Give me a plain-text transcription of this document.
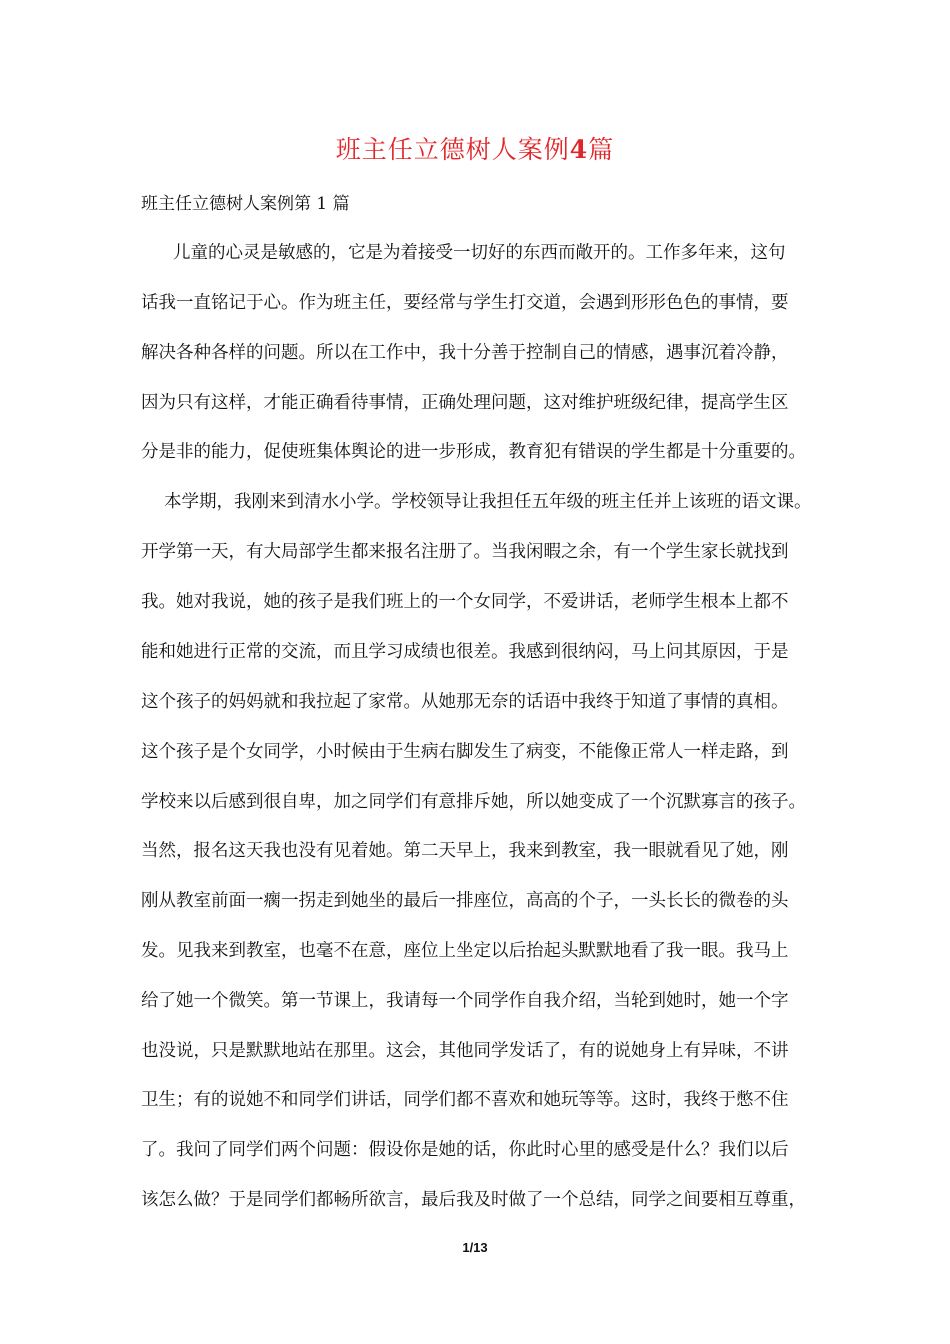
班主任立德树人案例4篇
班主任立德树人案例第 1 篇
儿童的心灵是敏感的，它是为着接受一切好的东西而敞开的。工作多年来，这句
话我一直铭记于心。作为班主任，要经常与学生打交道，会遇到形形色色的事情，要
解决各种各样的问题。所以在工作中，我十分善于控制自己的情感，遇事沉着冷静，
因为只有这样，才能正确看待事情，正确处理问题，这对维护班级纪律，提高学生区
分是非的能力，促使班集体舆论的进一步形成，教育犯有错误的学生都是十分重要的。
本学期，我刚来到清水小学。学校领导让我担任五年级的班主任并上该班的语文课。
开学第一天，有大局部学生都来报名注册了。当我闲暇之余，有一个学生家长就找到
我。她对我说，她的孩子是我们班上的一个女同学，不爱讲话，老师学生根本上都不
能和她进行正常的交流，而且学习成绩也很差。我感到很纳闷，马上问其原因，于是
这个孩子的妈妈就和我拉起了家常。从她那无奈的话语中我终于知道了事情的真相。
这个孩子是个女同学，小时候由于生病右脚发生了病变，不能像正常人一样走路，到
学校来以后感到很自卑，加之同学们有意排斥她，所以她变成了一个沉默寡言的孩子。
当然，报名这天我也没有见着她。第二天早上，我来到教室，我一眼就看见了她，刚
刚从教室前面一瘸一拐走到她坐的最后一排座位，高高的个子，一头长长的微卷的头
发。见我来到教室，也毫不在意，座位上坐定以后抬起头默默地看了我一眼。我马上
给了她一个微笑。第一节课上，我请每一个同学作自我介绍，当轮到她时，她一个字
也没说，只是默默地站在那里。这会，其他同学发话了，有的说她身上有异味，不讲
卫生；有的说她不和同学们讲话，同学们都不喜欢和她玩等等。这时，我终于憋不住
了。我问了同学们两个问题：假设你是她的话，你此时心里的感受是什么？我们以后
该怎么做？于是同学们都畅所欲言，最后我及时做了一个总结，同学之间要相互尊重，
1/13
